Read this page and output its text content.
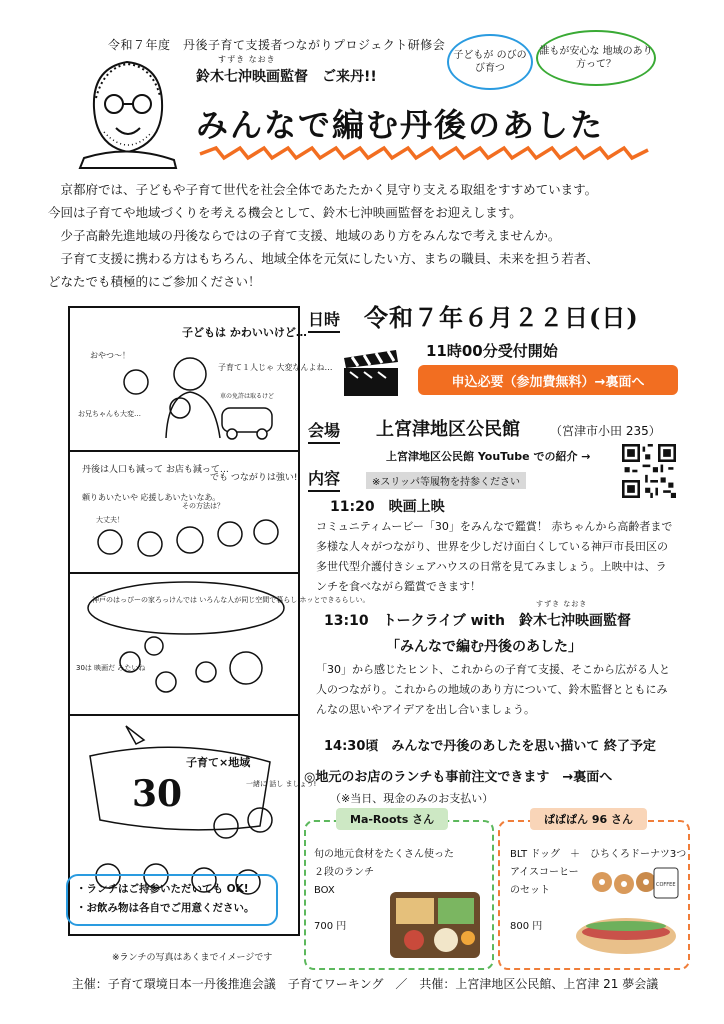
令和７年度　丹後子育て支援者つながりプロジェクト研修会
すずき なおき
鈴木七沖映画監督　ご来丹!!
子どもが のびのび育つ
誰もが安心な 地域のあり方って？
みんなで編む丹後のあした

　京都府では、子どもや子育て世代を社会全体であたたかく見守り支える取組をすすめています。

今回は子育てや地域づくりを考える機会として、鈴木七沖映画監督をお迎えします。

　少子高齢先進地域の丹後ならではの子育て支援、地域のあり方をみんなで考えませんか。

　子育て支援に携わる方はもちろん、地域全体を元気にしたい方、まちの職員、未来を担う若者、

どなたでも積極的にご参加ください！

子どもは かわいいけど…
おやつ～！
子育て１人じゃ 大変なんよね…
お兄ちゃんも大変…
車の免許は取るけど
丹後は人口も減って お店も減って…
でも つながりは強い!!
頼りあいたいや 応援しあいたいなあ。
その方法は？
大丈夫！
神戸のはっぴーの家ろっけんでは いろんな人が同じ空間で暮らし ホッとできるらしい。
30は 映画だ みたいね
30
子育て×地域
一緒に 話し ましょう!
日時 令和７年６月２２日(日)
11時00分受付開始
申込必要（参加費無料）→裏面へ
会場 上宮津地区公民館	（宮津市小田 235）
上宮津地区公民館 YouTube での紹介 →
内容	※スリッパ等履物を持参ください
11:20　映画上映
コミュニティムービー「30」をみんなで鑑賞！ 赤ちゃんから高齢者まで多様な人々がつながり、世界を少しだけ面白くしている神戸市長田区の多世代型介護付きシェアハウスの日常を見てみましょう。上映中は、ランチを食べながら鑑賞できます！
すずき なおき
13:10　トークライブ with　鈴木七沖映画監督
「みんなで編む丹後のあした」
「30」から感じたヒント、これからの子育て支援、そこから広がる人と人のつながり。これからの地域のあり方について、鈴木監督とともにみんなの思いやアイデアを出し合いましょう。
14:30頃　みんなで丹後のあしたを思い描いて 終了予定
◎地元のお店のランチも事前注文できます　→裏面へ
（※当日、現金のみのお支払い）
Ma-Roots さん
旬の地元食材をたくさん使った
２段のランチ
BOX
700 円
ぱぱぱん 96 さん
BLT ドッグ　＋　ひちくろドーナツ3つ
アイスコーヒー
のセット
800 円
COFFEE
・ランチはご持参いただいても OK!
・お飲み物は各自でご用意ください。
※ランチの写真はあくまでイメージです
主催：子育て環境日本一丹後推進会議　子育てワーキング　／　共催：上宮津地区公民館、上宮津 21 夢会議
